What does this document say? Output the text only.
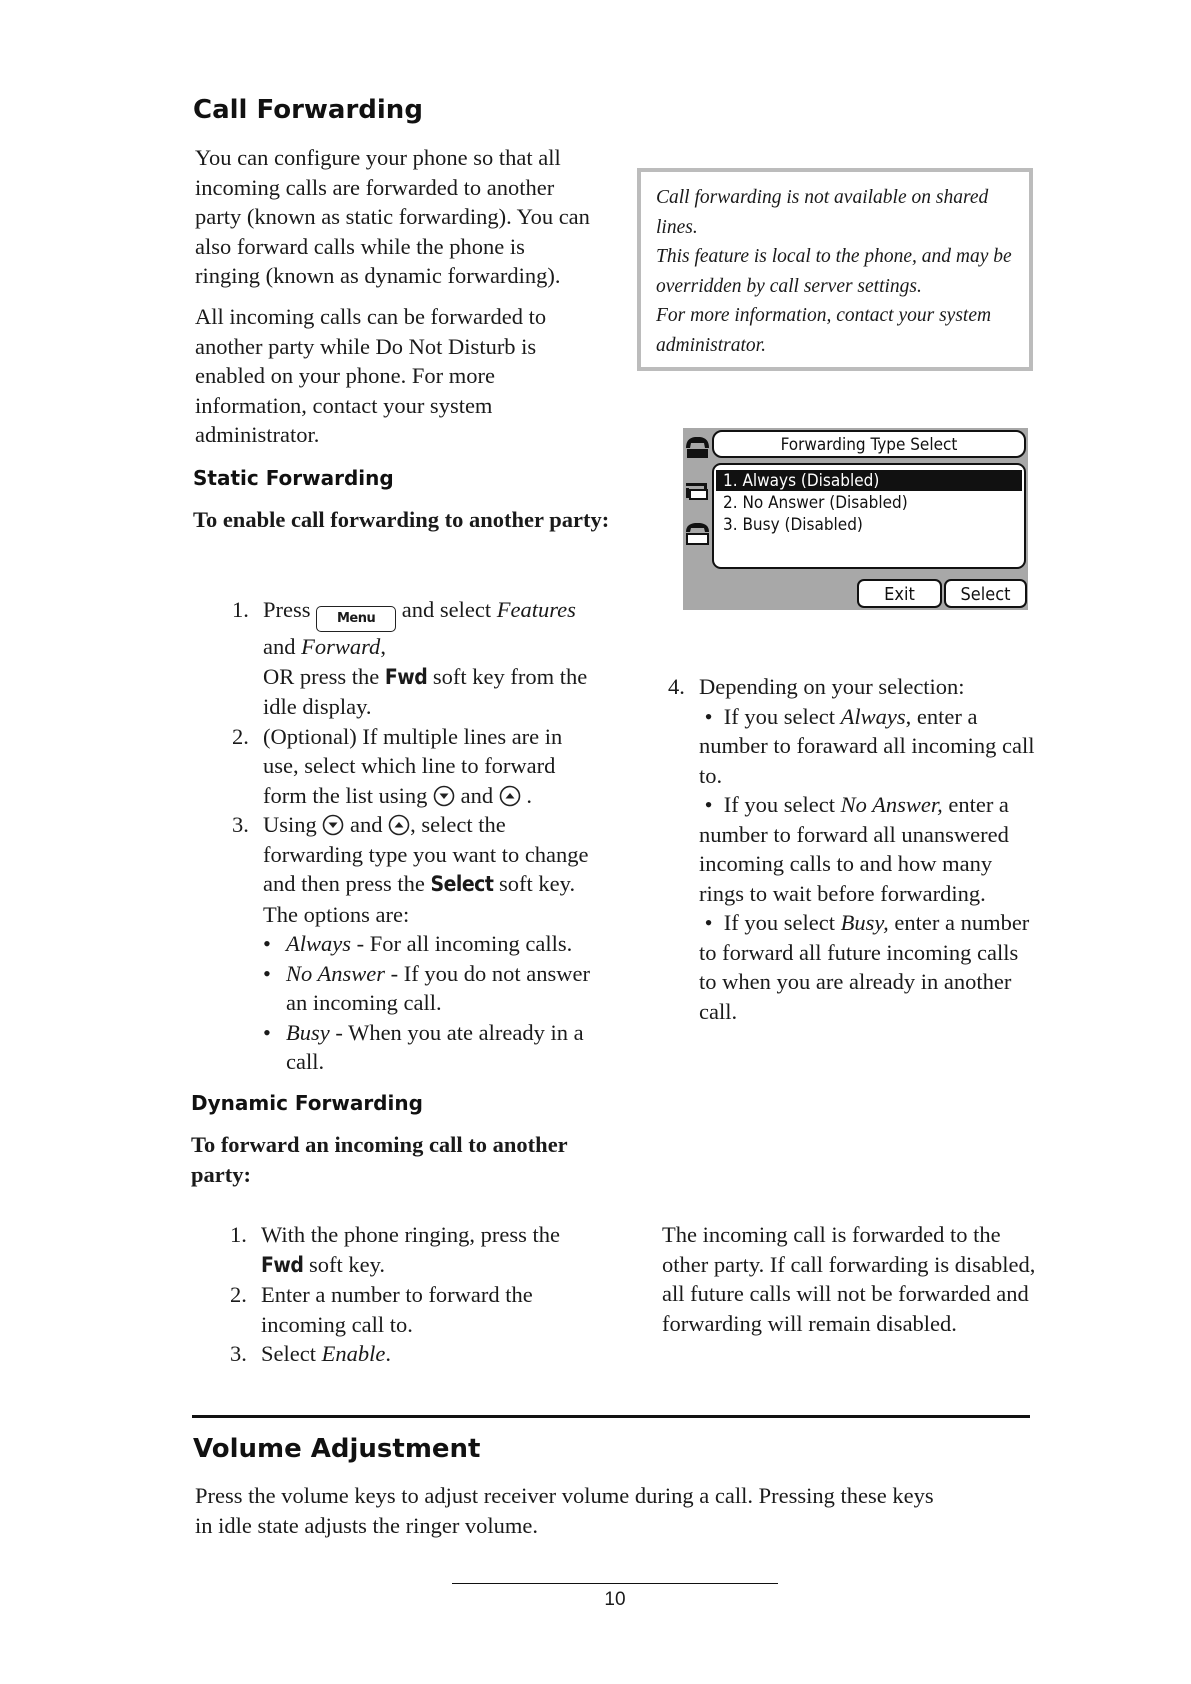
Call Forwarding

You can configure your phone so that all incoming calls are forwarded to another party (known as static forwarding). You can also forward calls while the phone is ringing (known as dynamic forwarding).

All incoming calls can be forwarded to another party while Do Not Disturb is enabled on your phone. For more information, contact your system administrator.

Call forwarding is not available on shared lines.

This feature is local to the phone, and may be overridden by call server settings.

For more information, contact your system administrator.

Forwarding Type Select
1. Always (Disabled)
2. No Answer (Disabled)
3. Busy (Disabled)
Exit	Select
Static Forwarding

To enable call forwarding to another party:

1. Press Menu and select Features and Forward,
OR press the Fwd soft key from the idle display.
2. (Optional) If multiple lines are in use, select which line to forward form the list using and .
3. Using and , select the forwarding type you want to change and then press the Select soft key. The options are:
• Always - For all incoming calls.
• No Answer - If you do not answer an incoming call.
• Busy - When you ate already in a call.
4. Depending on your selection:
•  If you select Always, enter a number to foraward all incoming call to.
•  If you select No Answer, enter a number to forward all unanswered incoming calls to and how many rings to wait before forwarding.
•  If you select Busy, enter a number to forward all future incoming calls to when you are already in another call.
Dynamic Forwarding

To forward an incoming call to another party:

1. With the phone ringing, press the
Fwd soft key.
2. Enter a number to forward the incoming call to.
3. Select Enable.

The incoming call is forwarded to the other party. If call forwarding is disabled, all future calls will not be forwarded and forwarding will remain disabled.

Volume Adjustment

Press the volume keys to adjust receiver volume during a call. Pressing these keys in idle state adjusts the ringer volume.

10
